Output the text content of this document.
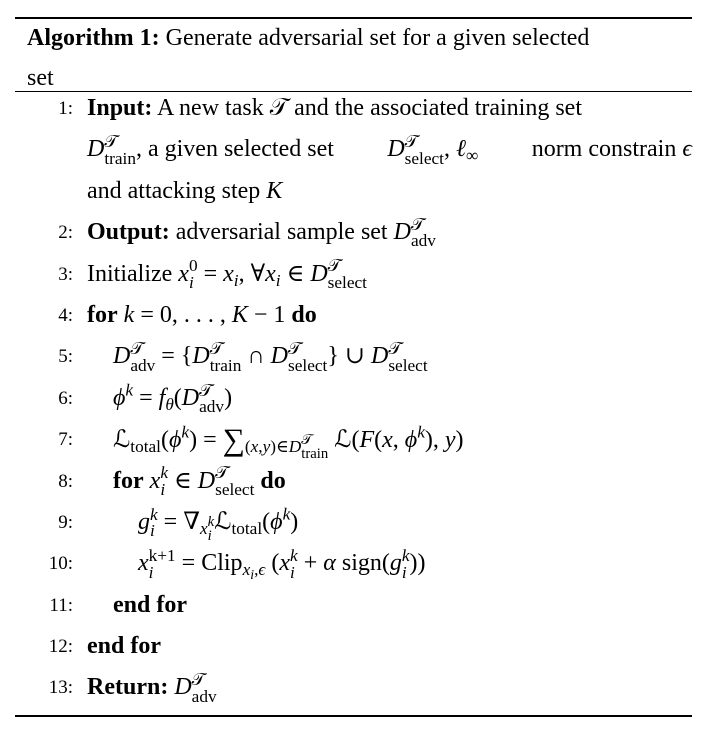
Algorithm 1: Generate adversarial set for a given selected
set
1: Input: A new task 𝒯 and the associated training set
D 𝒯
train , a given selected set D 𝒯
select , ℓ$_\infty$ norm constrain ϵ
and attacking step K
2: Output: adversarial sample set D 𝒯
adv
3: Initialize x 0
$i = x_i$, $\forall x_i$ ∈ D 𝒯
select
4: for k = 0, . . . , K − 1 do
5: D 𝒯
adv = {D 𝒯
train ∩ D 𝒯
select } ∪ D 𝒯
select
6: $\phi^k = f_\theta(D$ 𝒯
adv )
7: $ℒ_{total}(\phi^k) = \sum_{(x,y)\in D 𝒯 train}$
ℒ(F(x, $\phi^k$), y)
8: for x k
i ∈ D 𝒯
select do
9:	g k
$i = \nabla_{x k i}$
$ℒ_{total}(\phi^k)$
10:	x k+1
i = Clip$_{x_i,\epsilon}$ (x k
i + α sign(g k
i ))
11: end for
12: end for
13: Return: D 𝒯
adv
